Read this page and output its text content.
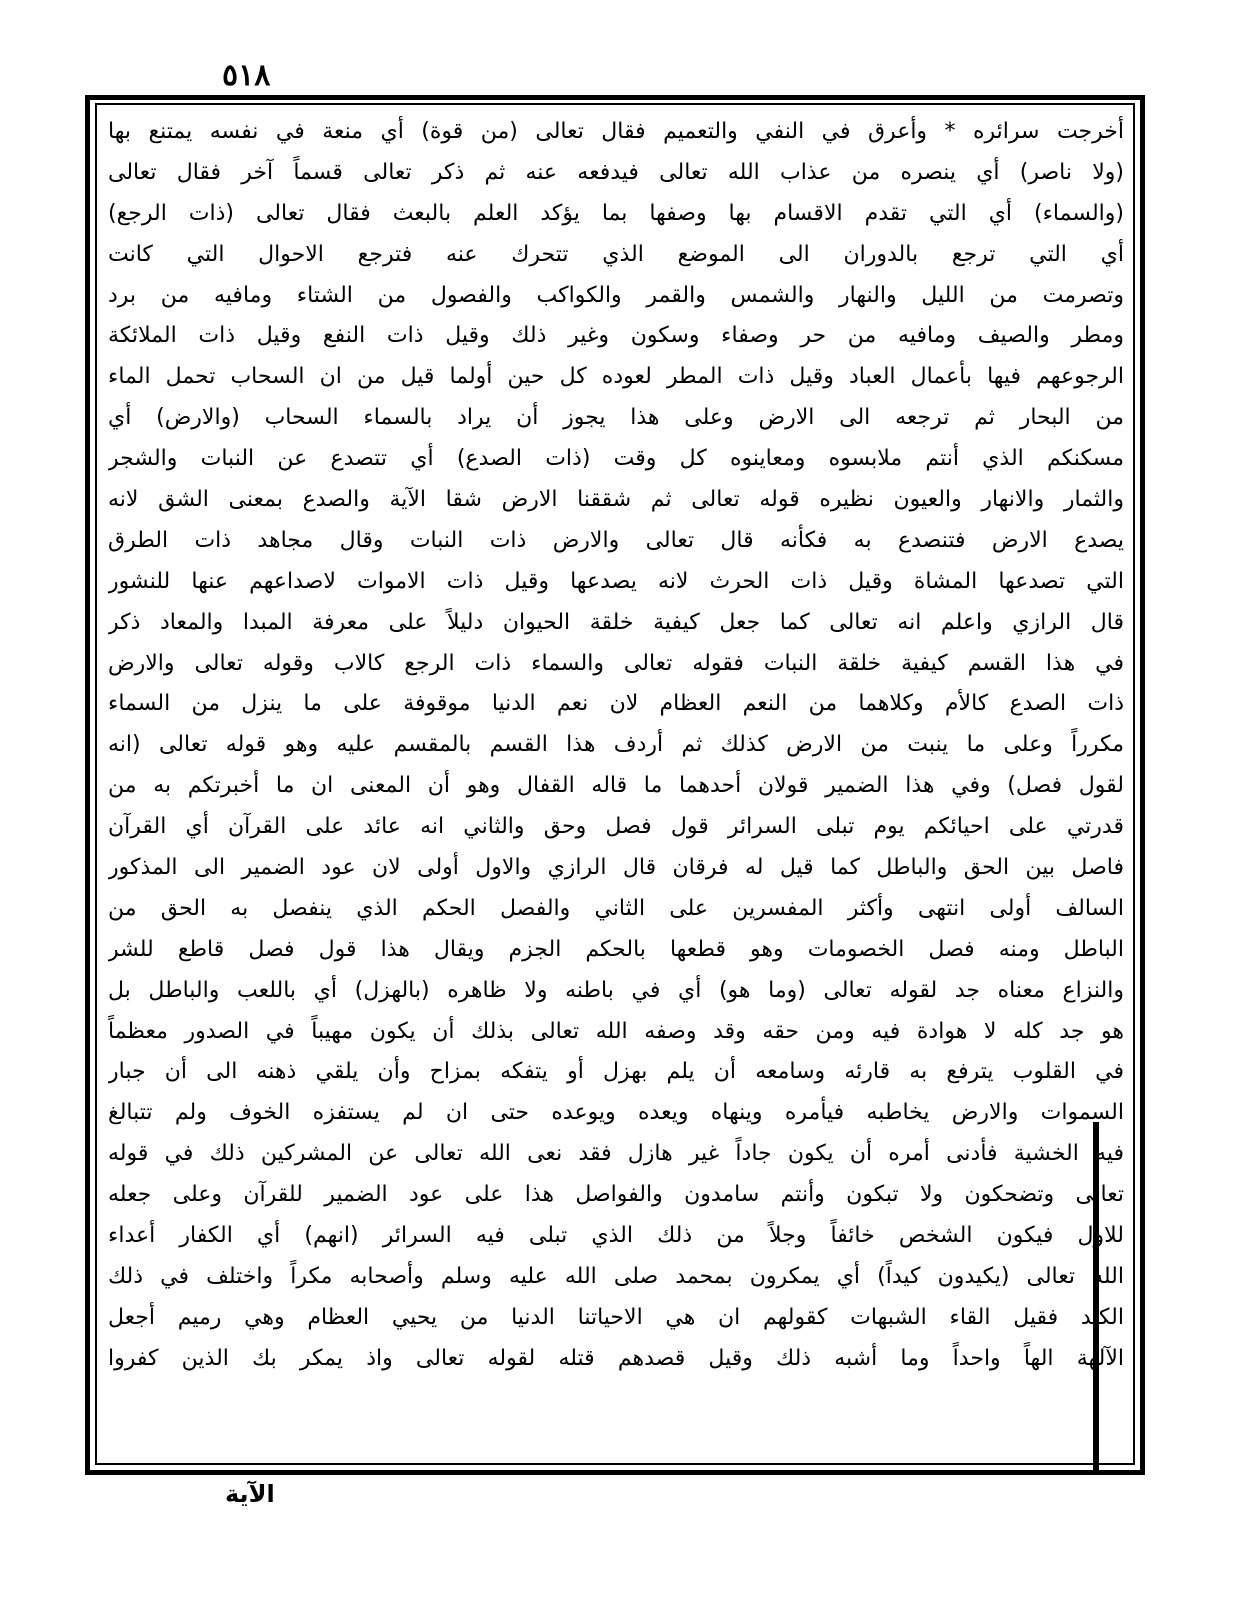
٥١٨
أخرجت سرائره * وأعرق في النفي والتعميم فقال تعالى (من قوة) أي منعة في نفسه يمتنع بها
(ولا ناصر) أي ينصره من عذاب الله تعالى فيدفعه عنه ثم ذكر تعالى قسماً آخر فقال تعالى
(والسماء) أي التي تقدم الاقسام بها وصفها بما يؤكد العلم بالبعث فقال تعالى (ذات الرجع)
أي التي ترجع بالدوران الى الموضع الذي تتحرك عنه فترجع الاحوال التي كانت
وتصرمت من الليل والنهار والشمس والقمر والكواكب والفصول من الشتاء ومافيه من برد
ومطر والصيف ومافيه من حر وصفاء وسكون وغير ذلك وقيل ذات النفع وقيل ذات الملائكة
الرجوعهم فيها بأعمال العباد وقيل ذات المطر لعوده كل حين أولما قيل من ان السحاب تحمل الماء
من البحار ثم ترجعه الى الارض وعلى هذا يجوز أن يراد بالسماء السحاب (والارض) أي
مسكنكم الذي أنتم ملابسوه ومعاينوه كل وقت (ذات الصدع) أي تتصدع عن النبات والشجر
والثمار والانهار والعيون نظيره قوله تعالى ثم شققنا الارض شقا الآية والصدع بمعنى الشق لانه
يصدع الارض فتنصدع به فكأنه قال تعالى والارض ذات النبات وقال مجاهد ذات الطرق
التي تصدعها المشاة وقيل ذات الحرث لانه يصدعها وقيل ذات الاموات لاصداعهم عنها للنشور
قال الرازي واعلم انه تعالى كما جعل كيفية خلقة الحيوان دليلاً على معرفة المبدا والمعاد ذكر
في هذا القسم كيفية خلقة النبات فقوله تعالى والسماء ذات الرجع كالاب وقوله تعالى والارض
ذات الصدع كالأم وكلاهما من النعم العظام لان نعم الدنيا موقوفة على ما ينزل من السماء
مكرراً وعلى ما ينبت من الارض كذلك ثم أردف هذا القسم بالمقسم عليه وهو قوله تعالى (انه
لقول فصل) وفي هذا الضمير قولان أحدهما ما قاله القفال وهو أن المعنى ان ما أخبرتكم به من
قدرتي على احيائكم يوم تبلى السرائر قول فصل وحق والثاني انه عائد على القرآن أي القرآن
فاصل بين الحق والباطل كما قيل له فرقان قال الرازي والاول أولى لان عود الضمير الى المذكور
السالف أولى انتهى وأكثر المفسرين على الثاني والفصل الحكم الذي ينفصل به الحق من
الباطل ومنه فصل الخصومات وهو قطعها بالحكم الجزم ويقال هذا قول فصل قاطع للشر
والنزاع معناه جد لقوله تعالى (وما هو) أي في باطنه ولا ظاهره (بالهزل) أي باللعب والباطل بل
هو جد كله لا هوادة فيه ومن حقه وقد وصفه الله تعالى بذلك أن يكون مهيباً في الصدور معظماً
في القلوب يترفع به قارئه وسامعه أن يلم بهزل أو يتفكه بمزاح وأن يلقي ذهنه الى أن جبار
السموات والارض يخاطبه فيأمره وينهاه ويعده ويوعده حتى ان لم يستفزه الخوف ولم تتبالغ
فيه الخشية فأدنى أمره أن يكون جاداً غير هازل فقد نعى الله تعالى عن المشركين ذلك في قوله
تعالى وتضحكون ولا تبكون وأنتم سامدون والفواصل هذا على عود الضمير للقرآن وعلى جعله
للاول فيكون الشخص خائفاً وجلاً من ذلك الذي تبلى فيه السرائر (انهم) أي الكفار أعداء
الله تعالى (يكيدون كيداً) أي يمكرون بمحمد صلى الله عليه وسلم وأصحابه مكراً واختلف في ذلك
الكيد فقيل القاء الشبهات كقولهم ان هي الاحياتنا الدنيا من يحيي العظام وهي رميم أجعل
الآلهة الهاً واحداً وما أشبه ذلك وقيل قصدهم قتله لقوله تعالى واذ يمكر بك الذين كفروا
الآية
